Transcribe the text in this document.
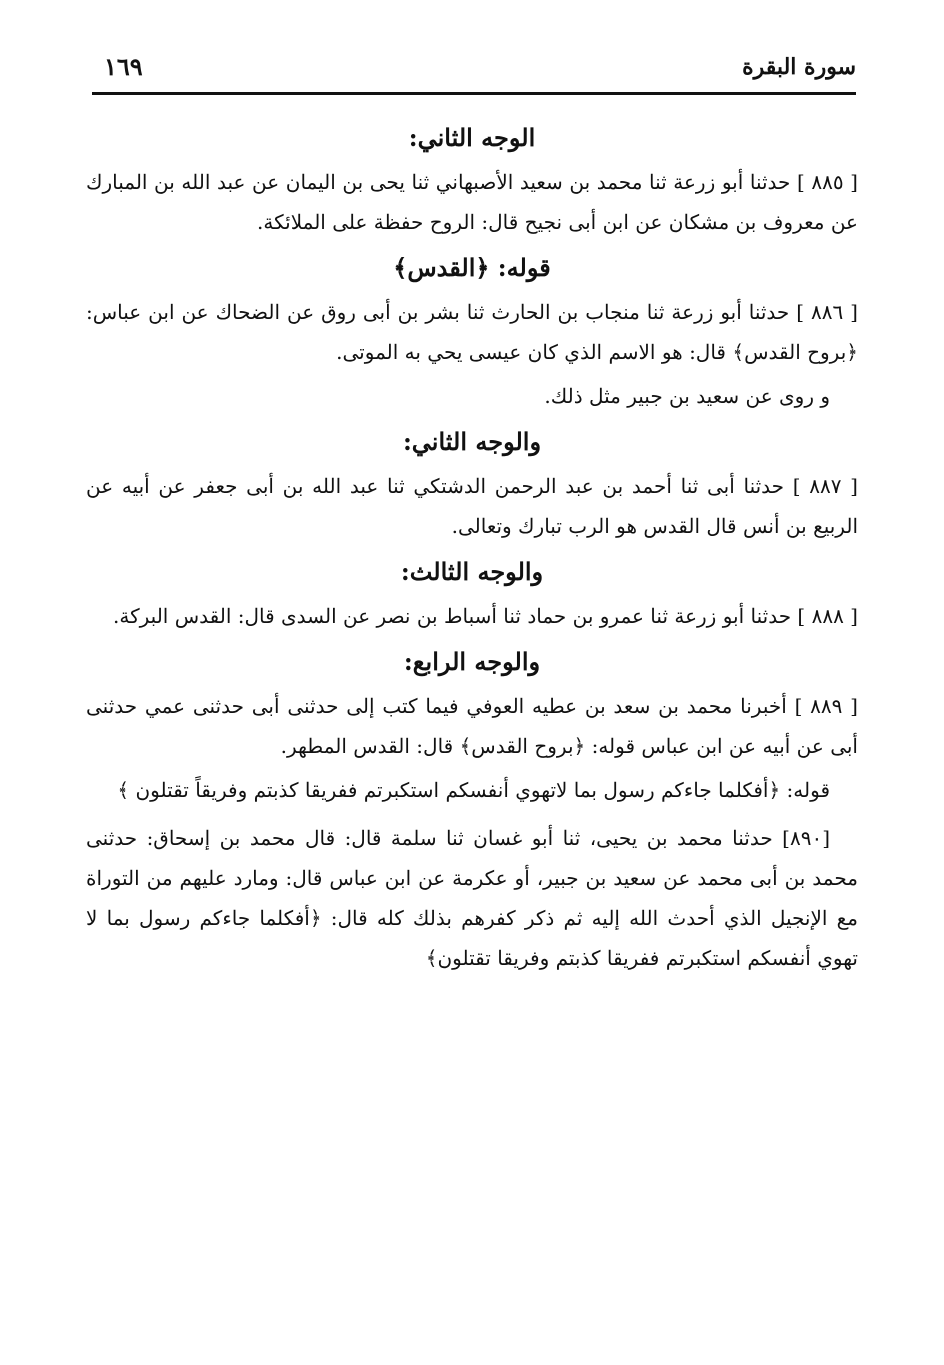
سورة البقرة
١٦٩
الوجه الثاني:

[ ٨٨٥ ] حدثنا أبو زرعة ثنا محمد بن سعيد الأصبهاني ثنا يحى بن اليمان عن عبد الله بن المبارك عن معروف بن مشكان عن ابن أبى نجيح قال: الروح حفظة على الملائكة.

قوله: ﴿القدس﴾

[ ٨٨٦ ] حدثنا أبو زرعة ثنا منجاب بن الحارث ثنا بشر بن أبى روق عن الضحاك عن ابن عباس: ﴿بروح القدس﴾ قال: هو الاسم الذي كان عيسى يحي به الموتى.

و روى عن سعيد بن جبير مثل ذلك.

والوجه الثاني:

[ ٨٨٧ ] حدثنا أبى ثنا أحمد بن عبد الرحمن الدشتكي ثنا عبد الله بن أبى جعفر عن أبيه عن الربيع بن أنس قال القدس هو الرب تبارك وتعالى.

والوجه الثالث:

[ ٨٨٨ ] حدثنا أبو زرعة ثنا عمرو بن حماد ثنا أسباط بن نصر عن السدى قال: القدس البركة.

والوجه الرابع:

[ ٨٨٩ ] أخبرنا محمد بن سعد بن عطيه العوفي فيما كتب إلى حدثنى أبى حدثنى عمي حدثنى أبى عن أبيه عن ابن عباس قوله: ﴿بروح القدس﴾ قال: القدس المطهر.

قوله: ﴿أفكلما جاءكم رسول بما لاتهوي أنفسكم استكبرتم ففريقا كذبتم وفريقاً تقتلون ﴾

[٨٩٠] حدثنا محمد بن يحيى، ثنا أبو غسان ثنا سلمة قال: قال محمد بن إسحاق: حدثنى محمد بن أبى محمد عن سعيد بن جبير، أو عكرمة عن ابن عباس قال: ومارد عليهم من التوراة مع الإنجيل الذي أحدث الله إليه ثم ذكر كفرهم بذلك كله قال: ﴿أفكلما جاءكم رسول بما لا تهوي أنفسكم استكبرتم ففريقا كذبتم وفريقا تقتلون﴾
